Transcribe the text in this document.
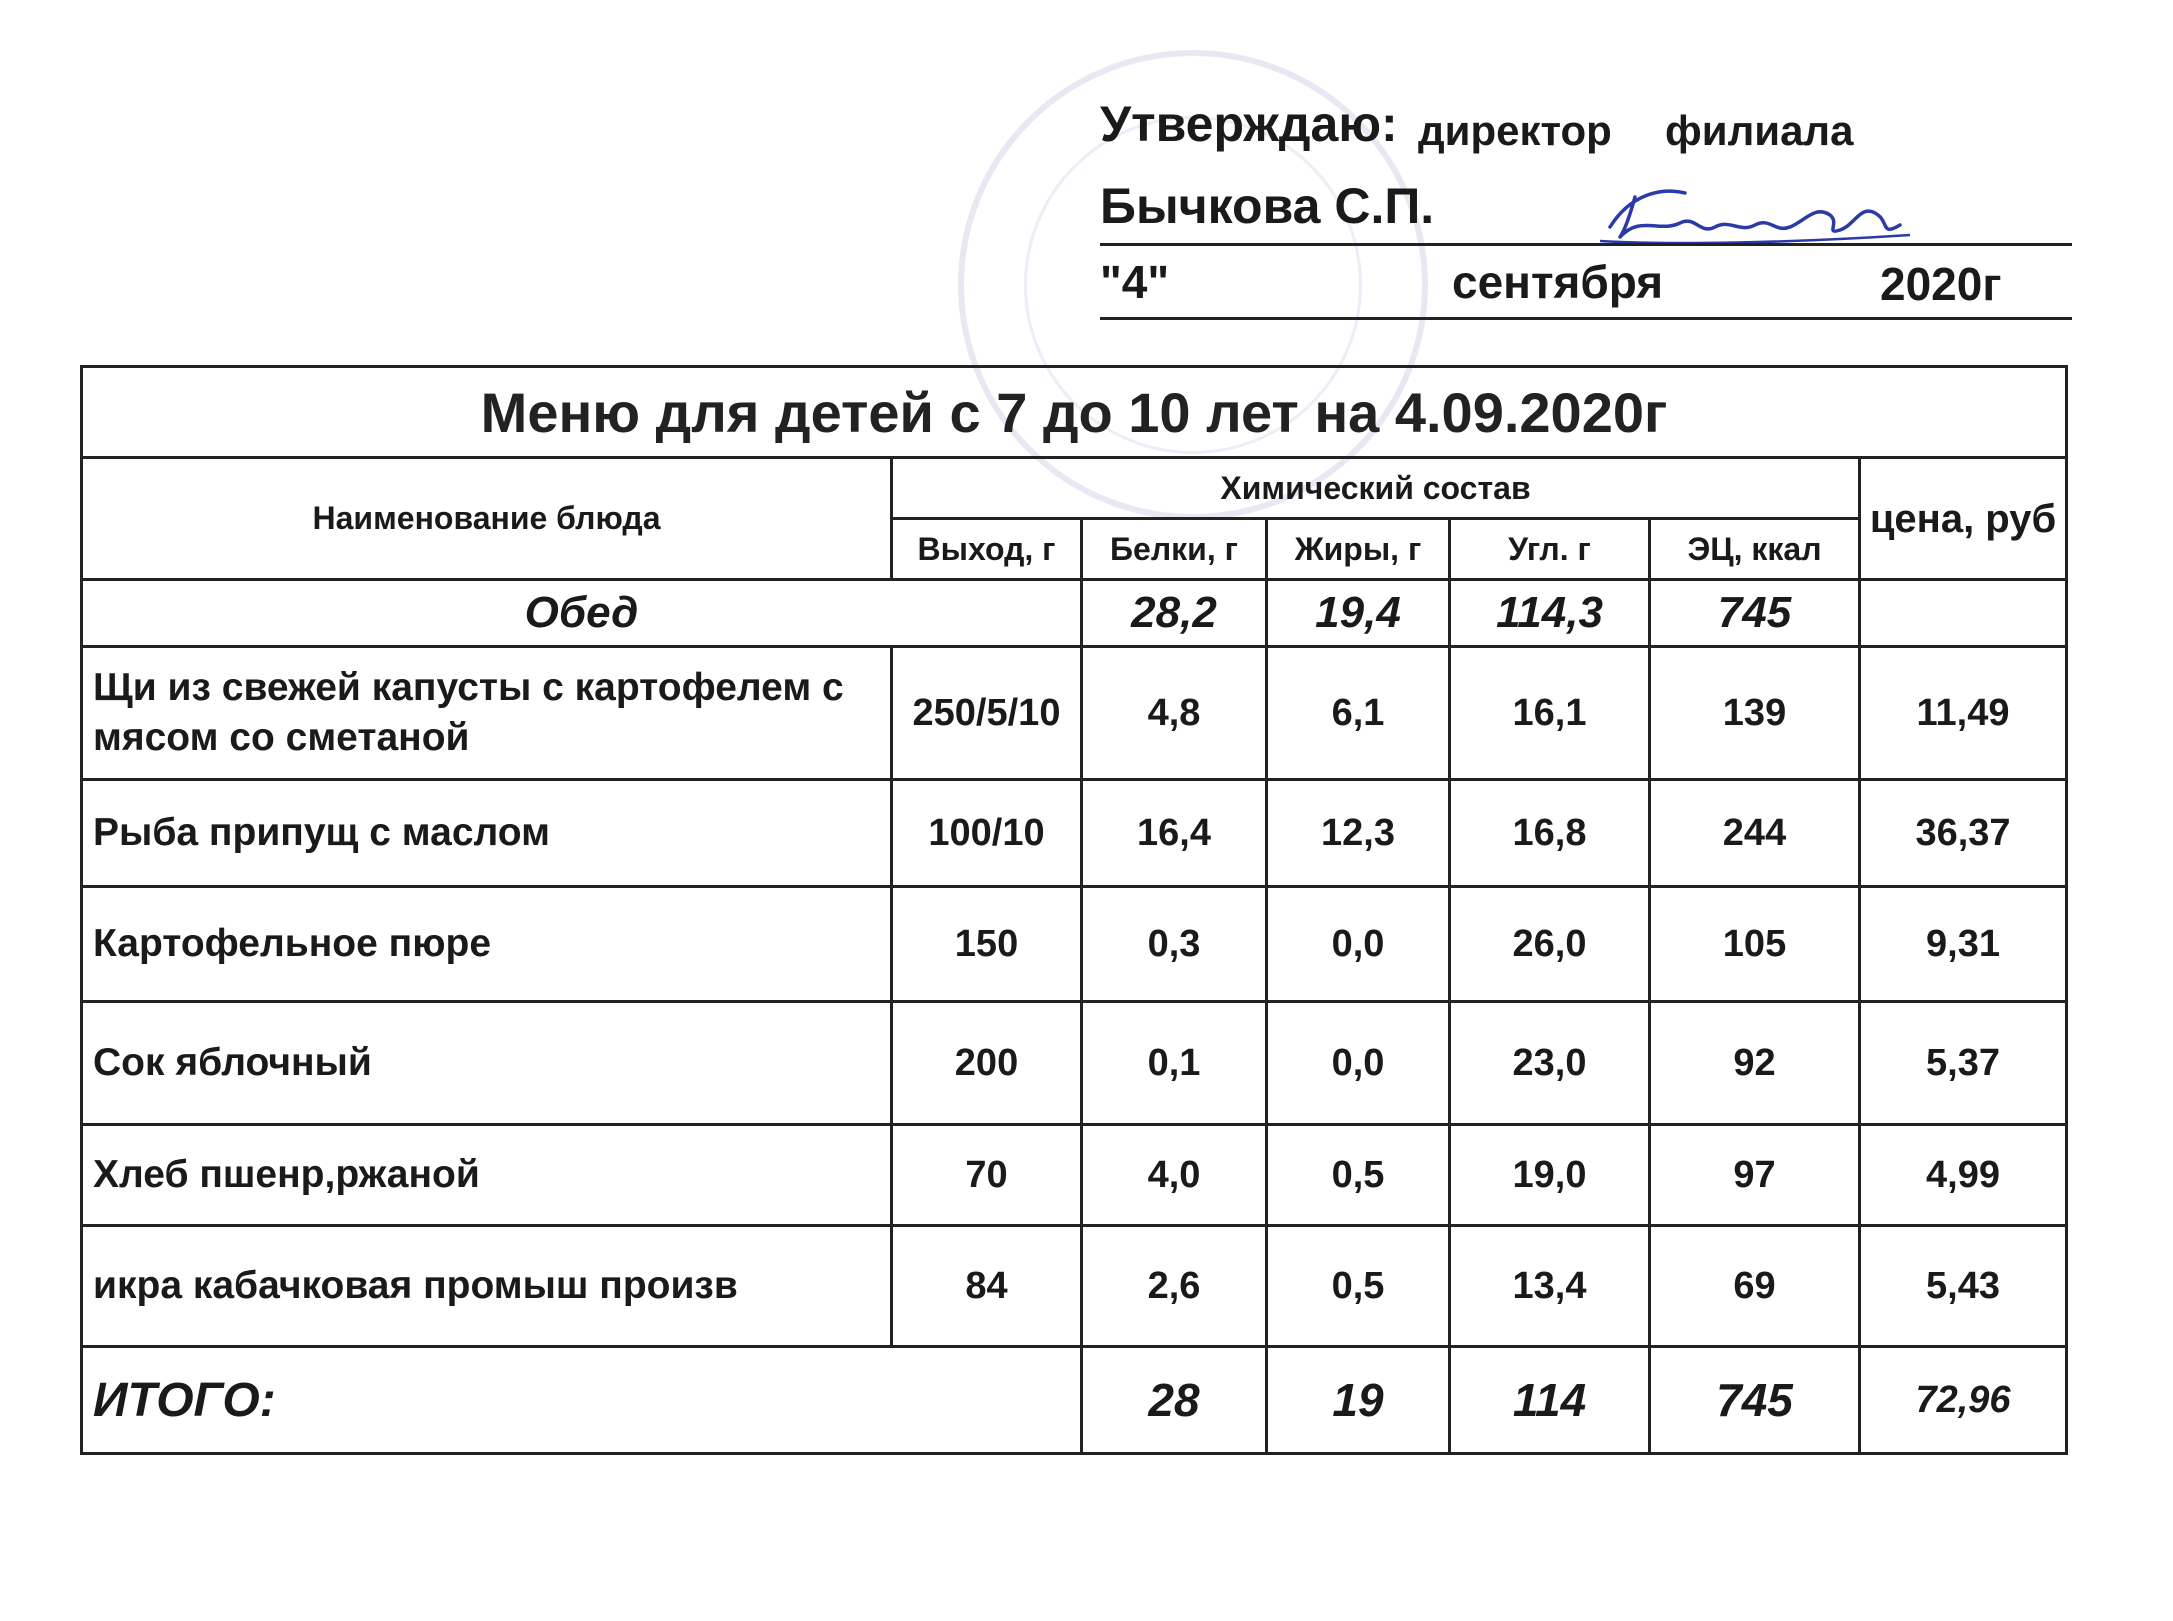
Утверждаю: директор филиала
Бычкова С.П.
"4"	сентября	2020г
Меню для детей с 7 до 10 лет на 4.09.2020г						
Наименование блюда	Химический состав					цена, руб
	Выход, г	Белки, г	Жиры, г	Угл. г	ЭЦ, ккал	
Обед		28,2	19,4	114,3	745	
Щи из свежей капусты с картофелем с мясом со сметаной	250/5/10	4,8	6,1	16,1	139	11,49
Рыба припущ с маслом	100/10	16,4	12,3	16,8	244	36,37
Картофельное пюре	150	0,3	0,0	26,0	105	9,31
Сок яблочный	200	0,1	0,0	23,0	92	5,37
Хлеб пшенр,ржаной	70	4,0	0,5	19,0	97	4,99
икра кабачковая промыш произв	84	2,6	0,5	13,4	69	5,43
ИТОГО:		28	19	114	745	72,96
